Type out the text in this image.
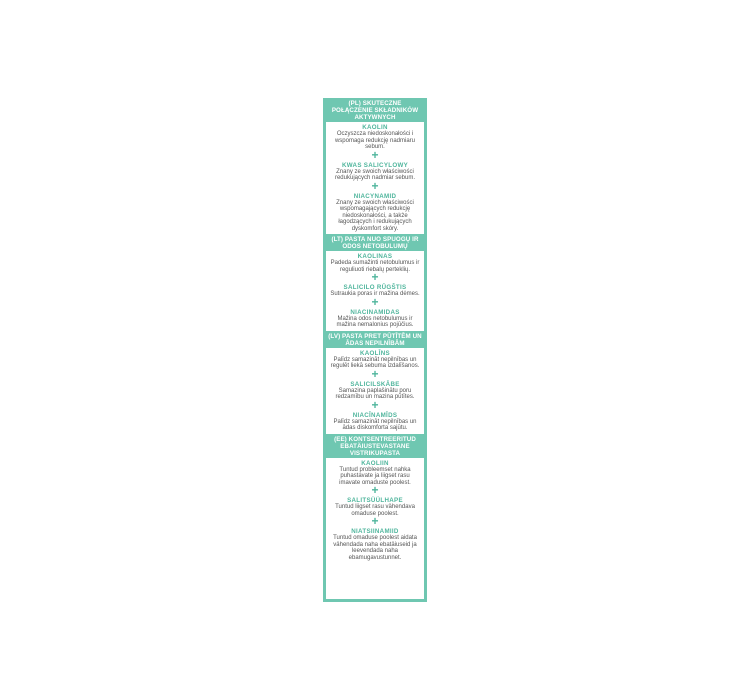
(PL) SKUTECZNE POŁĄCZENIE SKŁADNIKÓW AKTYWNYCH
KAOLIN
Oczyszcza niedoskonałości i wspomaga redukcję nadmiaru sebum.
+
KWAS SALICYLOWY
Znany ze swoich właściwości redukujących nadmiar sebum.
+
NIACYNAMID
Znany ze swoich właściwości wspomagających redukcję niedoskonałości, a także łagodzących i redukujących dyskomfort skóry.
(LT) PASTA NUO SPUOGŲ IR ODOS NETOBULUMŲ
KAOLINAS
Padeda sumažinti netobulumus ir reguliuoti riebalų perteklių.
+
SALICILO RŪGŠTIS
Sutraukia poras ir mažina dėmes.
+
NIACINAMIDAS
Mažina odos netobulumus ir mažina nemalonius pojūčius.
(LV) PASTA PRET PŪTĪTĒM UN ĀDAS NEPILNĪBĀM
KAOLĪNS
Palīdz samazināt nepilnības un regulēt liekā sebuma izdalīšanos.
+
SALICILSKĀBE
Samazina paplašinātu poru redzamību un mazina pūtītes.
+
NIACĪNAMĪDS
Palīdz samazināt nepilnības un ādas diskomforta sajūtu.
(EE) KONTSENTREERITUD EBATÄIUSTEVASTANE VISTRIKUPASTA
KAOLIIN
Tuntud probleemset nahka puhastavate ja liigset rasu imavate omaduste poolest.
+
SALITSÜÜLHAPE
Tuntud liigset rasu vähendava omaduse poolest.
+
NIATSIINAMIID
Tuntud omaduse poolest aidata vähendada naha ebatäiuseid ja leevendada naha ebamugavustunnet.
